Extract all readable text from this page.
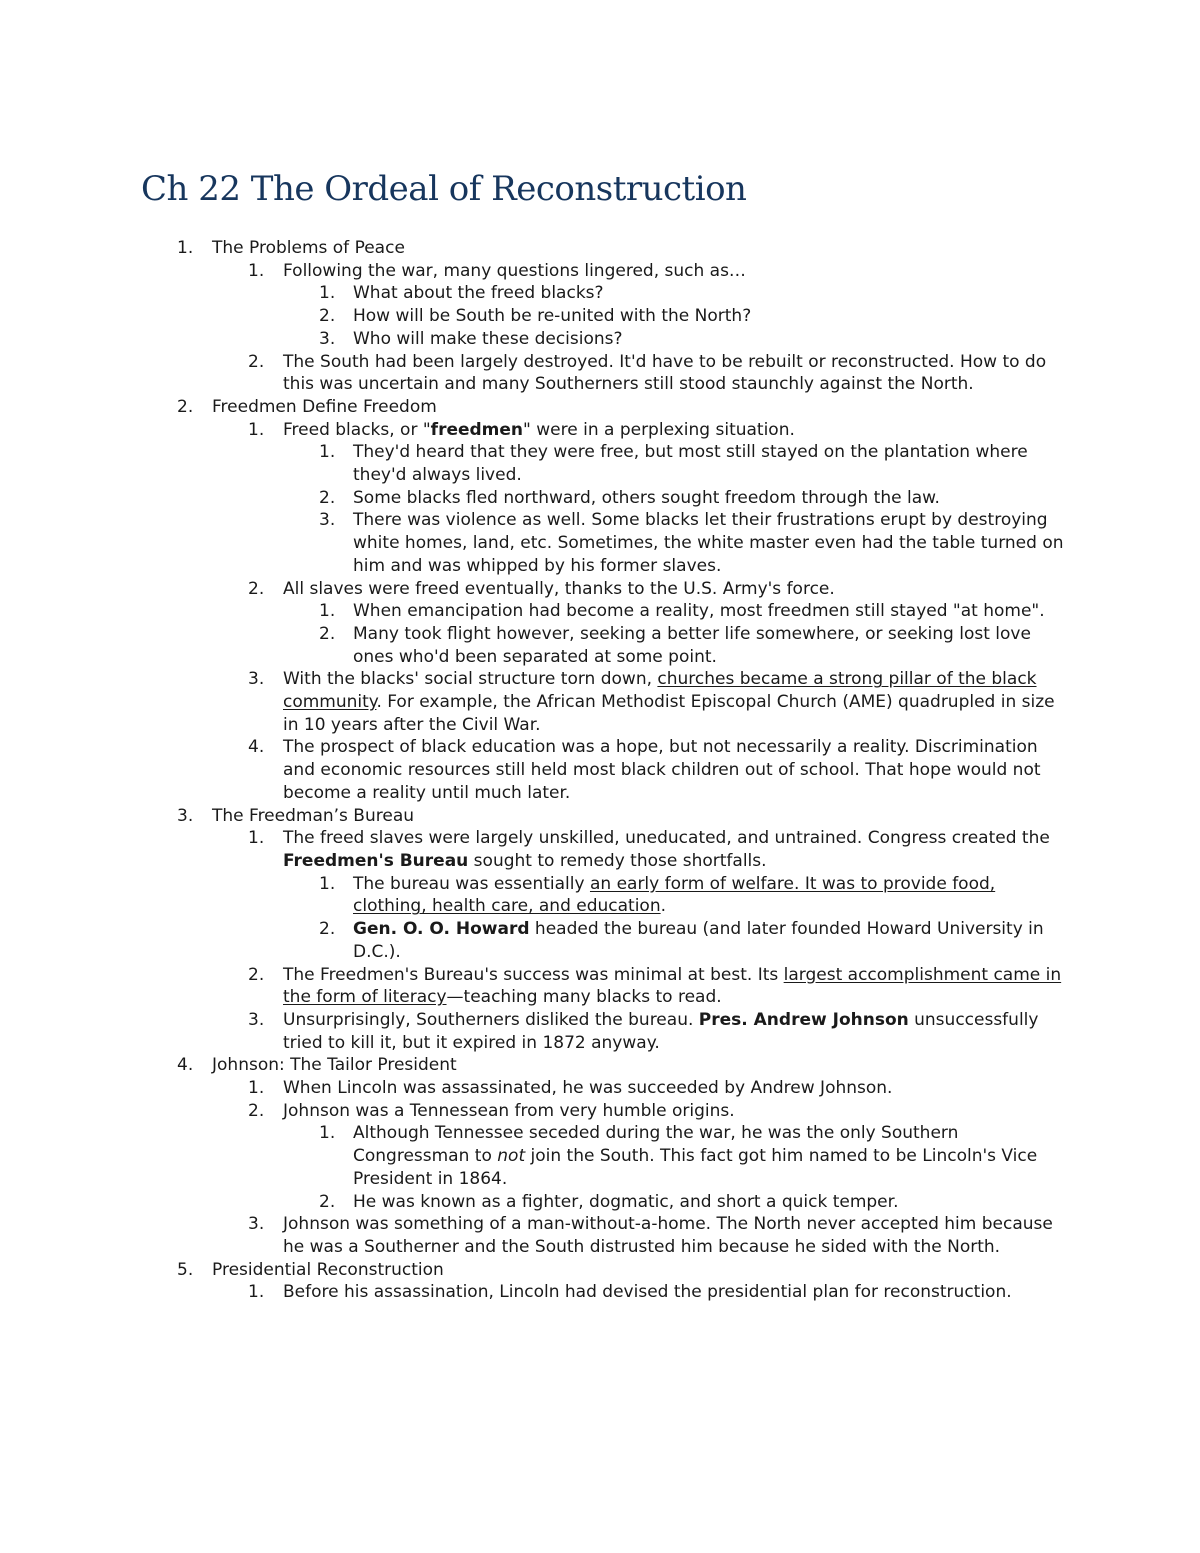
Ch 22 The Ordeal of Reconstruction
1. The Problems of Peace
1. Following the war, many questions lingered, such as…
1. What about the freed blacks?
2. How will be South be re-united with the North?
3. Who will make these decisions?
2. The South had been largely destroyed. It'd have to be rebuilt or reconstructed. How to do this was uncertain and many Southerners still stood staunchly against the North.
2. Freedmen Define Freedom
1. Freed blacks, or "freedmen" were in a perplexing situation.
1. They'd heard that they were free, but most still stayed on the plantation where they'd always lived.
2. Some blacks fled northward, others sought freedom through the law.
3. There was violence as well. Some blacks let their frustrations erupt by destroying white homes, land, etc. Sometimes, the white master even had the table turned on him and was whipped by his former slaves.
2. All slaves were freed eventually, thanks to the U.S. Army's force.
1. When emancipation had become a reality, most freedmen still stayed "at home".
2. Many took flight however, seeking a better life somewhere, or seeking lost love ones who'd been separated at some point.
3. With the blacks' social structure torn down, churches became a strong pillar of the black community. For example, the African Methodist Episcopal Church (AME) quadrupled in size in 10 years after the Civil War.
4. The prospect of black education was a hope, but not necessarily a reality. Discrimination and economic resources still held most black children out of school. That hope would not become a reality until much later.
3. The Freedman’s Bureau
1. The freed slaves were largely unskilled, uneducated, and untrained. Congress created the Freedmen's Bureau sought to remedy those shortfalls.
1. The bureau was essentially an early form of welfare. It was to provide food, clothing, health care, and education.
2. Gen. O. O. Howard headed the bureau (and later founded Howard University in D.C.).
2. The Freedmen's Bureau's success was minimal at best. Its largest accomplishment came in the form of literacy—teaching many blacks to read.
3. Unsurprisingly, Southerners disliked the bureau. Pres. Andrew Johnson unsuccessfully tried to kill it, but it expired in 1872 anyway.
4. Johnson: The Tailor President
1. When Lincoln was assassinated, he was succeeded by Andrew Johnson.
2. Johnson was a Tennessean from very humble origins.
1. Although Tennessee seceded during the war, he was the only Southern Congressman to not join the South. This fact got him named to be Lincoln's Vice President in 1864.
2. He was known as a fighter, dogmatic, and short a quick temper.
3. Johnson was something of a man-without-a-home. The North never accepted him because he was a Southerner and the South distrusted him because he sided with the North.
5. Presidential Reconstruction
1. Before his assassination, Lincoln had devised the presidential plan for reconstruction.
